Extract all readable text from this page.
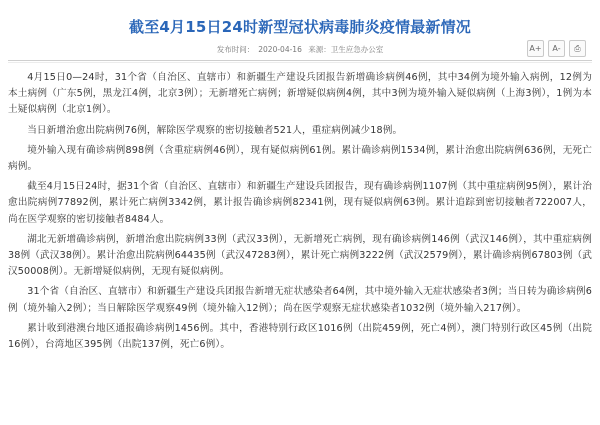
截至4月15日24时新型冠状病毒肺炎疫情最新情况
发布时间： 2020-04-16 来源：卫生应急办公室	A+	A-	⎙

4月15日0—24时，31个省（自治区、直辖市）和新疆生产建设兵团报告新增确诊病例46例，其中34例为境外输入病例，12例为本土病例（广东5例，黑龙江4例，北京3例）；无新增死亡病例；新增疑似病例4例，其中3例为境外输入疑似病例（上海3例），1例为本土疑似病例（北京1例）。

当日新增治愈出院病例76例，解除医学观察的密切接触者521人，重症病例减少18例。

境外输入现有确诊病例898例（含重症病例46例），现有疑似病例61例。累计确诊病例1534例，累计治愈出院病例636例，无死亡病例。

截至4月15日24时，据31个省（自治区、直辖市）和新疆生产建设兵团报告，现有确诊病例1107例（其中重症病例95例），累计治愈出院病例77892例，累计死亡病例3342例，累计报告确诊病例82341例，现有疑似病例63例。累计追踪到密切接触者722007人，尚在医学观察的密切接触者8484人。

湖北无新增确诊病例，新增治愈出院病例33例（武汉33例），无新增死亡病例，现有确诊病例146例（武汉146例），其中重症病例38例（武汉38例）。累计治愈出院病例64435例（武汉47283例），累计死亡病例3222例（武汉2579例），累计确诊病例67803例（武汉50008例）。无新增疑似病例，无现有疑似病例。

31个省（自治区、直辖市）和新疆生产建设兵团报告新增无症状感染者64例，其中境外输入无症状感染者3例；当日转为确诊病例6例（境外输入2例）；当日解除医学观察49例（境外输入12例）；尚在医学观察无症状感染者1032例（境外输入217例）。

累计收到港澳台地区通报确诊病例1456例。其中，香港特别行政区1016例（出院459例，死亡4例），澳门特别行政区45例（出院16例），台湾地区395例（出院137例，死亡6例）。
